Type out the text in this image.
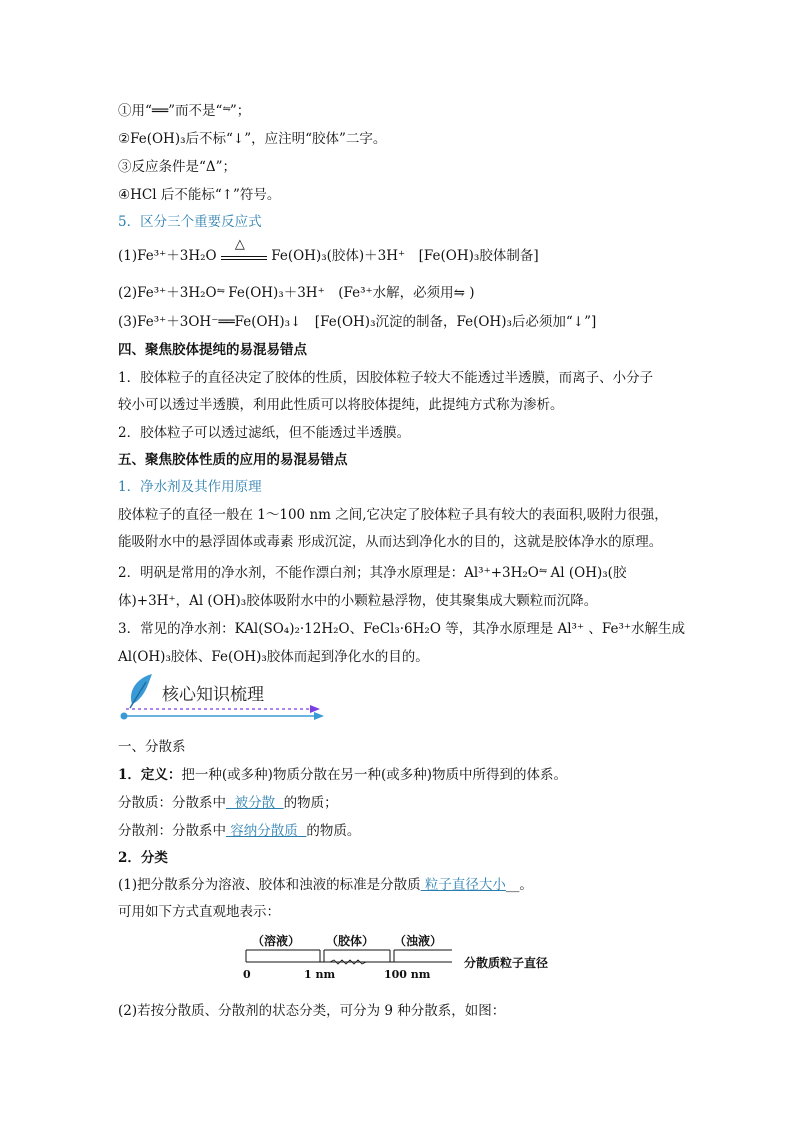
①用“══”而不是“⇋”；
②Fe(OH)₃后不标“↓”，应注明“胶体”二字。
③反应条件是“Δ”；
④HCl 后不能标“↑”符号。
5．区分三个重要反应式
(1)Fe³⁺＋3H₂O
△
Fe(OH)₃(胶体)＋3H⁺　[Fe(OH)₃胶体制备]
(2)Fe³⁺＋3H₂O⇋ Fe(OH)₃＋3H⁺　(Fe³⁺水解，必须用⇋ )
(3)Fe³⁺＋3OH⁻══Fe(OH)₃↓　[Fe(OH)₃沉淀的制备，Fe(OH)₃后必须加“↓”]
四、聚焦胶体提纯的易混易错点
1．胶体粒子的直径决定了胶体的性质，因胶体粒子较大不能透过半透膜，而离子、小分子
较小可以透过半透膜，利用此性质可以将胶体提纯，此提纯方式称为渗析。
2．胶体粒子可以透过滤纸，但不能透过半透膜。
五、聚焦胶体性质的应用的易混易错点
1．净水剂及其作用原理
胶体粒子的直径一般在 1～100 nm 之间,它决定了胶体粒子具有较大的表面积,吸附力很强，
能吸附水中的悬浮固体或毒素 形成沉淀，从而达到净化水的目的，这就是胶体净水的原理。
2．明矾是常用的净水剂，不能作漂白剂；其净水原理是：Al³⁺+3H₂O⇋ Al (OH)₃(胶
体)+3H⁺，Al (OH)₃胶体吸附水中的小颗粒悬浮物，使其聚集成大颗粒而沉降。
3．常见的净水剂：KAl(SO₄)₂·12H₂O、FeCl₃·6H₂O 等，其净水原理是 Al³⁺ 、Fe³⁺水解生成
Al(OH)₃胶体、Fe(OH)₃胶体而起到净化水的目的。
核心知识梳理
一、分散系
1．定义：把一种(或多种)物质分散在另一种(或多种)物质中所得到的体系。
分散质：分散系中  被分散  的物质；
分散剂：分散系中 容纳分散质  的物质。
2．分类
(1)把分散系分为溶液、胶体和浊液的标准是分散质 粒子直径大小__。
可用如下方式直观地表示：
（溶液） （胶体） （浊液）
0	1 nm	100 nm
分散质粒子直径
(2)若按分散质、分散剂的状态分类，可分为 9 种分散系，如图：
